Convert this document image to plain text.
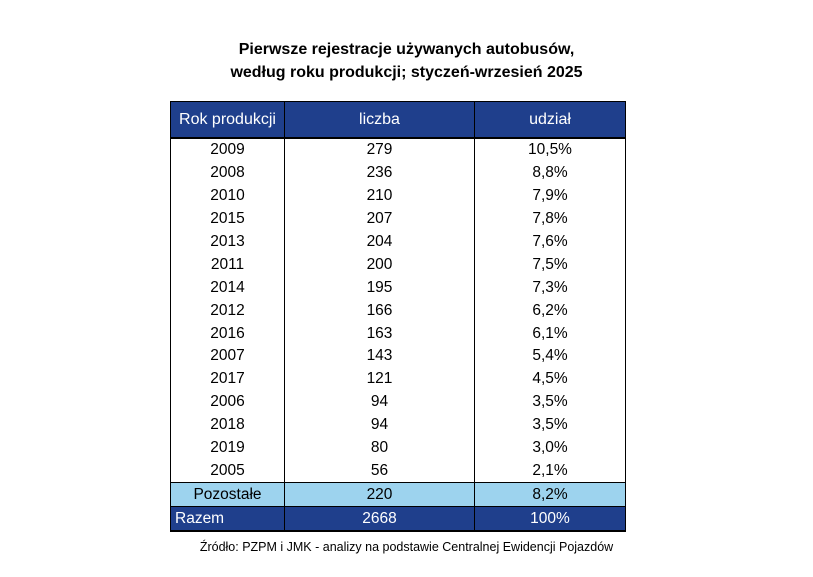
Pierwsze rejestracje używanych autobusów,
według roku produkcji; styczeń-wrzesień 2025
Rok produkcji	liczba	udział
2009	279	10,5%
2008	236	8,8%
2010	210	7,9%
2015	207	7,8%
2013	204	7,6%
2011	200	7,5%
2014	195	7,3%
2012	166	6,2%
2016	163	6,1%
2007	143	5,4%
2017	121	4,5%
2006	94	3,5%
2018	94	3,5%
2019	80	3,0%
2005	56	2,1%
Pozostałe	220	8,2%
Razem	2668	100%
Źródło: PZPM i JMK - analizy na podstawie Centralnej Ewidencji Pojazdów
